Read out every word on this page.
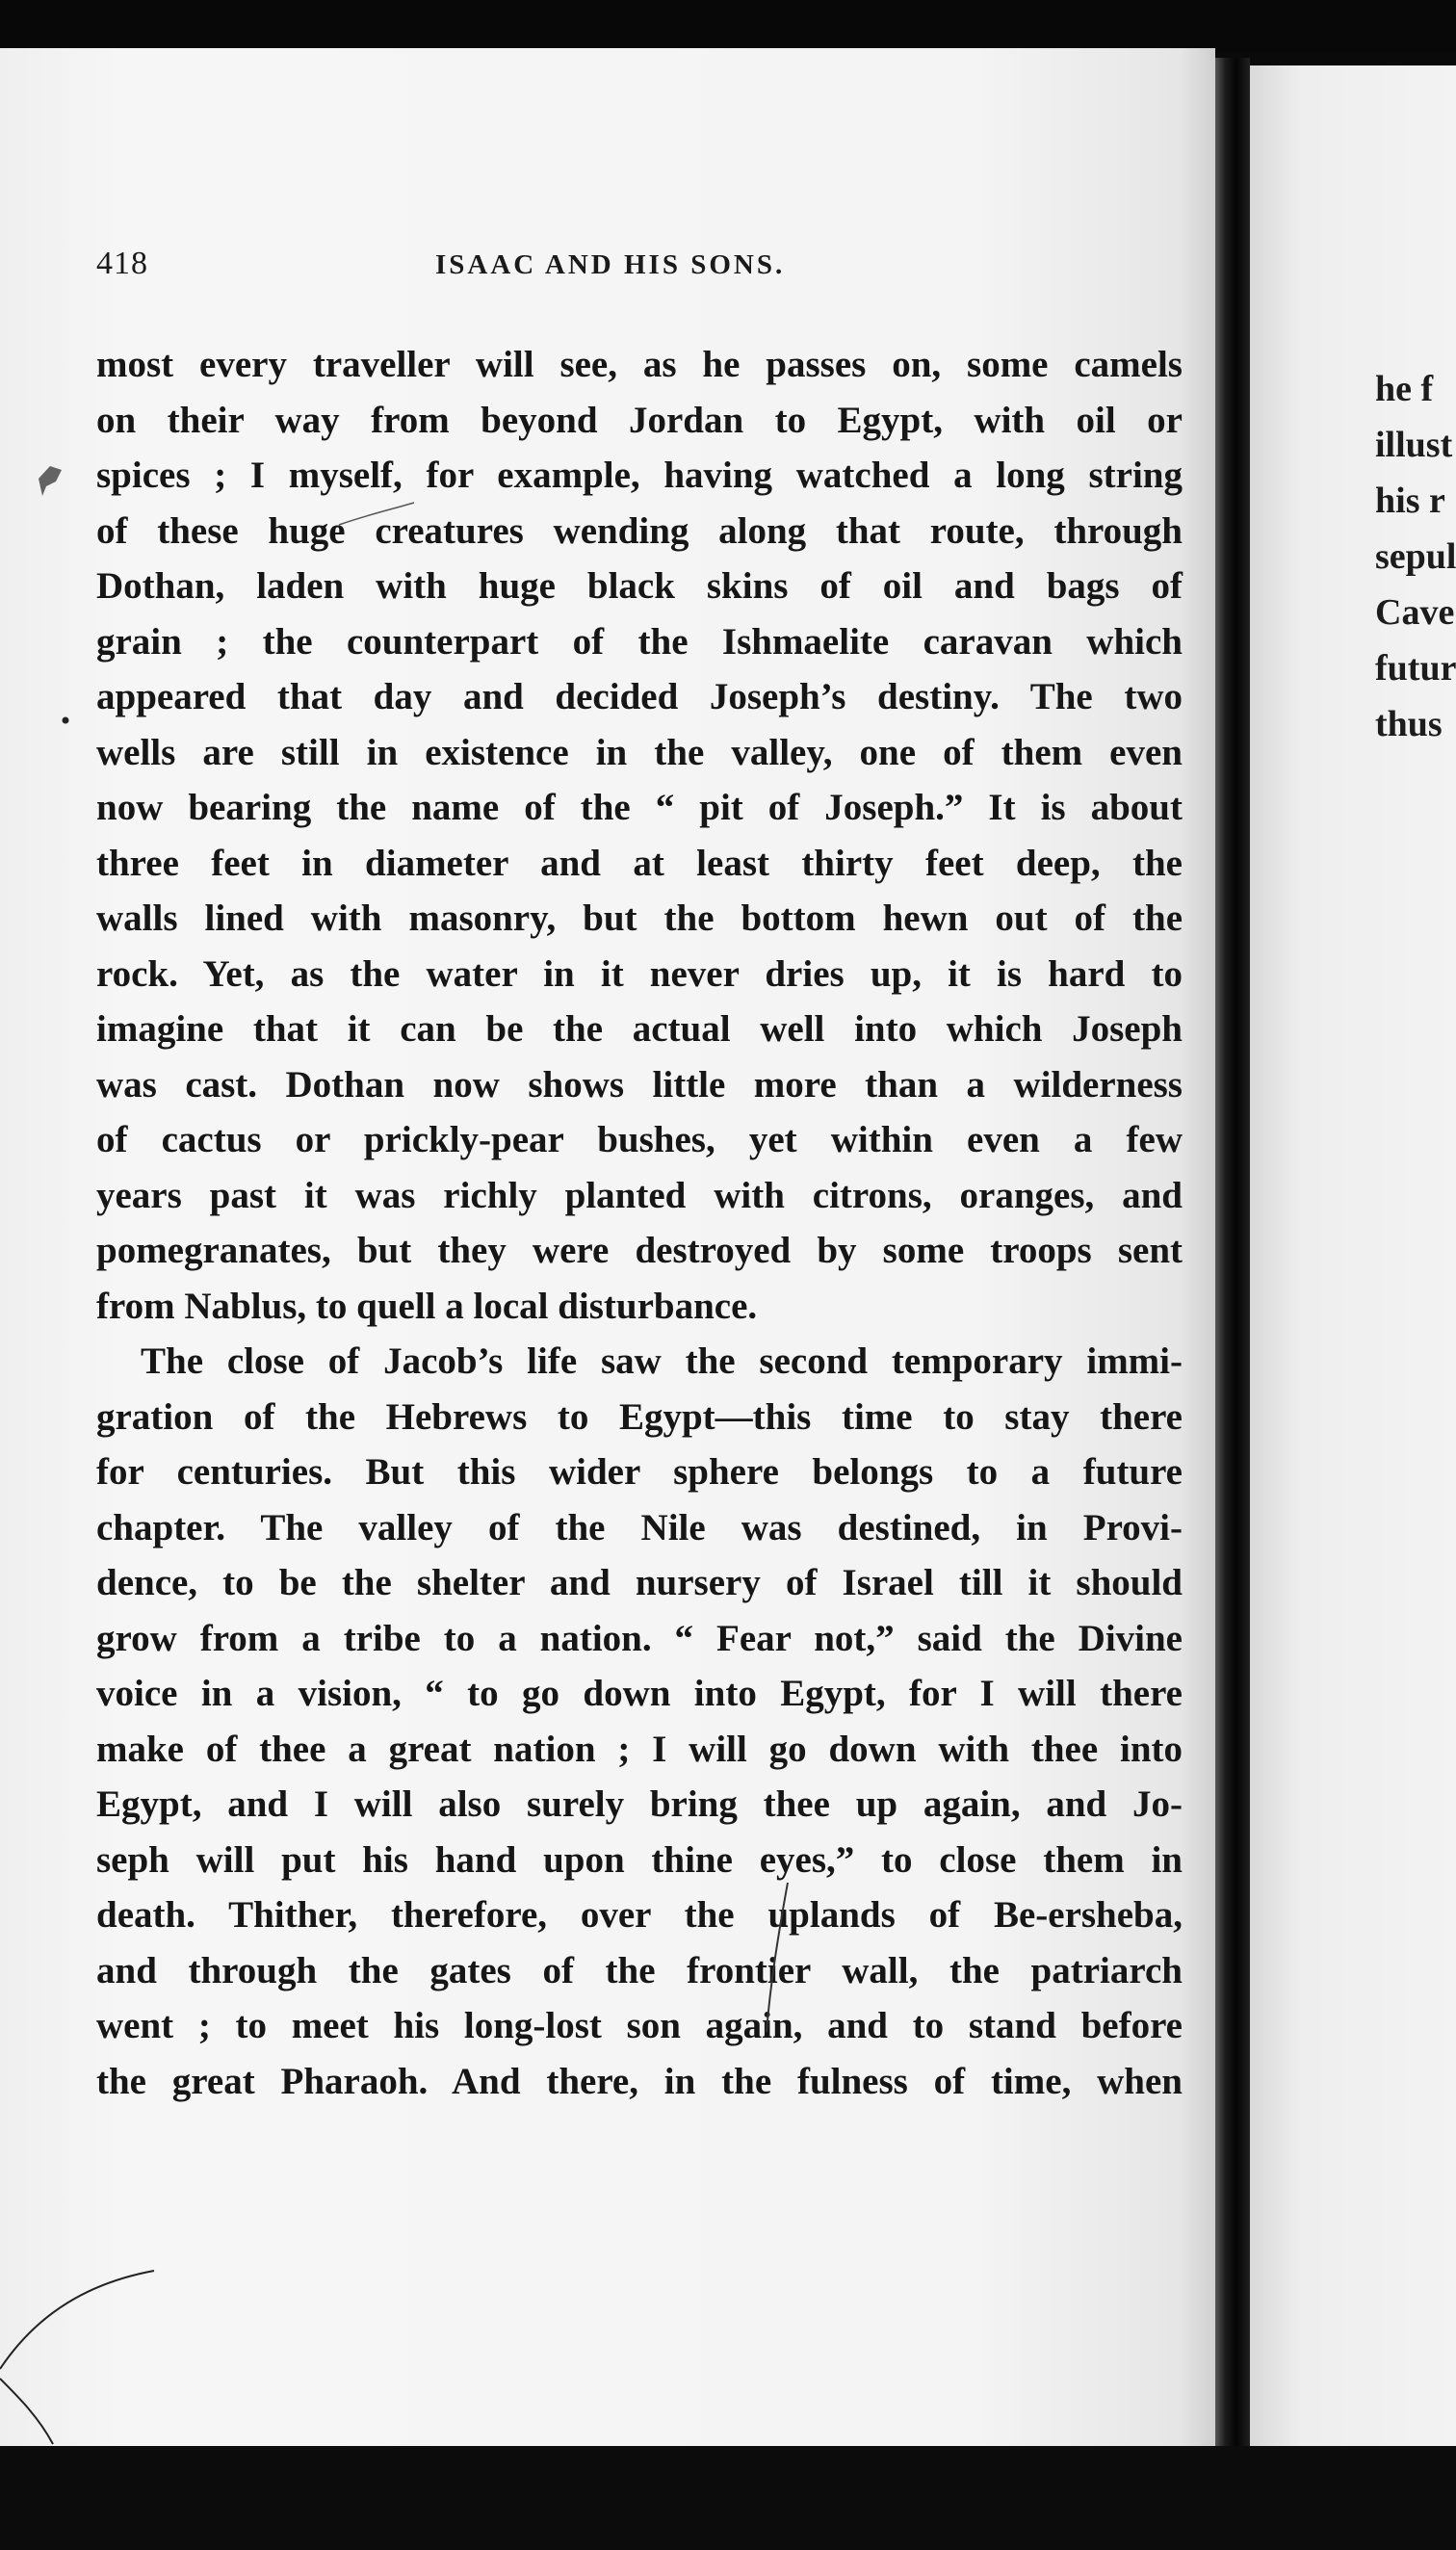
418	ISAAC AND HIS SONS.
most every traveller will see, as he passes on, some camels
on their way from beyond Jordan to Egypt, with oil or
spices ; I myself, for example, having watched a long string
of these huge creatures wending along that route, through
Dothan, laden with huge black skins of oil and bags of
grain ; the counterpart of the Ishmaelite caravan which
appeared that day and decided Joseph’s destiny. The two
wells are still in existence in the valley, one of them even
now bearing the name of the “ pit of Joseph.” It is about
three feet in diameter and at least thirty feet deep, the
walls lined with masonry, but the bottom hewn out of the
rock. Yet, as the water in it never dries up, it is hard to
imagine that it can be the actual well into which Joseph
was cast. Dothan now shows little more than a wilderness
of cactus or prickly-pear bushes, yet within even a few
years past it was richly planted with citrons, oranges, and
pomegranates, but they were destroyed by some troops sent
from Nablus, to quell a local disturbance.
The close of Jacob’s life saw the second temporary immi-
gration of the Hebrews to Egypt—this time to stay there
for centuries. But this wider sphere belongs to a future
chapter. The valley of the Nile was destined, in Provi-
dence, to be the shelter and nursery of Israel till it should
grow from a tribe to a nation. “ Fear not,” said the Divine
voice in a vision, “ to go down into Egypt, for I will there
make of thee a great nation ; I will go down with thee into
Egypt, and I will also surely bring thee up again, and Jo-
seph will put his hand upon thine eyes,” to close them in
death. Thither, therefore, over the uplands of Be-ersheba,
and through the gates of the frontier wall, the patriarch
went ; to meet his long-lost son again, and to stand before
the great Pharaoh. And there, in the fulness of time, when
he f
illust
his r
sepul
Cave
futur
thus
